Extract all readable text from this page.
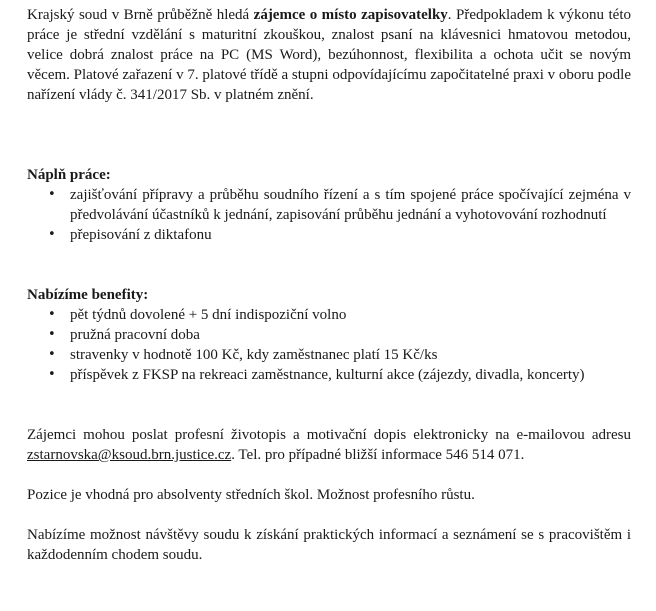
Krajský soud v Brně průběžně hledá zájemce o místo zapisovatelky. Předpokladem k výkonu této práce je střední vzdělání s maturitní zkouškou, znalost psaní na klávesnici hmatovou metodou, velice dobrá znalost práce na PC (MS Word), bezúhonnost, flexibilita a ochota učit se novým věcem. Platové zařazení v 7. platové třídě a stupni odpovídajícímu započitatelné praxi v oboru podle nařízení vlády č. 341/2017 Sb. v platném znění.

Náplň práce:

• zajišťování přípravy a průběhu soudního řízení a s tím spojené práce spočívající zejména v předvolávání účastníků k jednání, zapisování průběhu jednání a vyhotovování rozhodnutí
• přepisování z diktafonu

Nabízíme benefity:

• pět týdnů dovolené + 5 dní indispoziční volno
• pružná pracovní doba
• stravenky v hodnotě 100 Kč, kdy zaměstnanec platí 15 Kč/ks
• příspěvek z FKSP na rekreaci zaměstnance, kulturní akce (zájezdy, divadla, koncerty)

Zájemci mohou poslat profesní životopis a motivační dopis elektronicky na e-mailovou adresu zstarnovska@ksoud.brn.justice.cz. Tel. pro případné bližší informace 546 514 071.

Pozice je vhodná pro absolventy středních škol. Možnost profesního růstu.

Nabízíme možnost návštěvy soudu k získání praktických informací a seznámení se s pracovištěm i každodenním chodem soudu.
